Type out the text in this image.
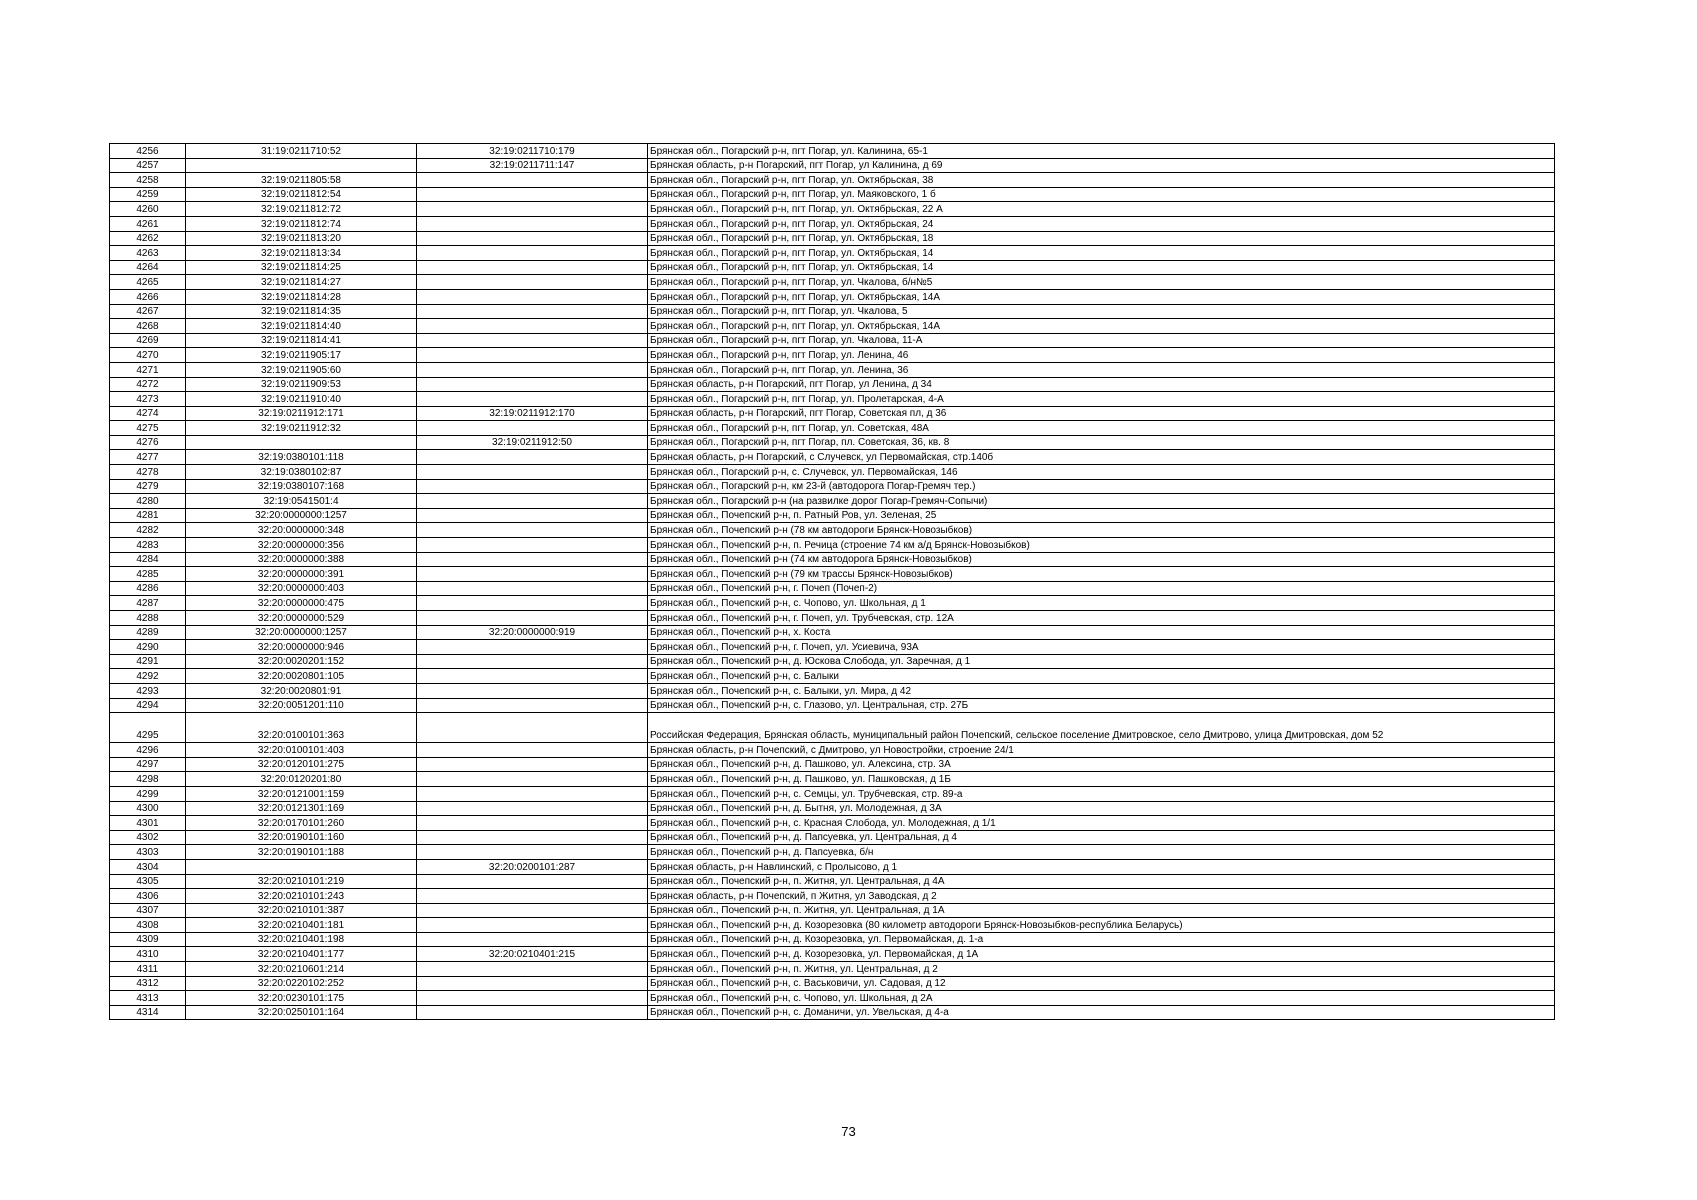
4256	31:19:0211710:52	32:19:0211710:179	Брянская обл., Погарский р-н, пгт Погар, ул. Калинина, 65-1
4257		32:19:0211711:147	Брянская область, р-н Погарский, пгт Погар, ул Калинина, д 69
4258	32:19:0211805:58		Брянская обл., Погарский р-н, пгт Погар, ул. Октябрьская, 38
4259	32:19:0211812:54		Брянская обл., Погарский р-н, пгт Погар, ул. Маяковского, 1 б
4260	32:19:0211812:72		Брянская обл., Погарский р-н, пгт Погар, ул. Октябрьская, 22 А
4261	32:19:0211812:74		Брянская обл., Погарский р-н, пгт Погар, ул. Октябрьская, 24
4262	32:19:0211813:20		Брянская обл., Погарский р-н, пгт Погар, ул. Октябрьская, 18
4263	32:19:0211813:34		Брянская обл., Погарский р-н, пгт Погар, ул. Октябрьская, 14
4264	32:19:0211814:25		Брянская обл., Погарский р-н, пгт Погар, ул. Октябрьская, 14
4265	32:19:0211814:27		Брянская обл., Погарский р-н, пгт Погар, ул. Чкалова, б/н№5
4266	32:19:0211814:28		Брянская обл., Погарский р-н, пгт Погар, ул. Октябрьская, 14А
4267	32:19:0211814:35		Брянская обл., Погарский р-н, пгт Погар, ул. Чкалова, 5
4268	32:19:0211814:40		Брянская обл., Погарский р-н, пгт Погар, ул. Октябрьская, 14А
4269	32:19:0211814:41		Брянская обл., Погарский р-н, пгт Погар, ул. Чкалова, 11-А
4270	32:19:0211905:17		Брянская обл., Погарский р-н, пгт Погар, ул. Ленина, 46
4271	32:19:0211905:60		Брянская обл., Погарский р-н, пгт Погар, ул. Ленина, 36
4272	32:19:0211909:53		Брянская область, р-н Погарский, пгт Погар, ул Ленина, д 34
4273	32:19:0211910:40		Брянская обл., Погарский р-н, пгт Погар, ул. Пролетарская, 4-А
4274	32:19:0211912:171	32:19:0211912:170	Брянская область, р-н Погарский, пгт Погар, Советская пл, д 36
4275	32:19:0211912:32		Брянская обл., Погарский р-н, пгт Погар, ул. Советская, 48А
4276		32:19:0211912:50	Брянская обл., Погарский р-н, пгт Погар, пл. Советская, 36, кв. 8
4277	32:19:0380101:118		Брянская область, р-н Погарский, с Случевск, ул Первомайская, стр.140б
4278	32:19:0380102:87		Брянская обл., Погарский р-н, с. Случевск, ул. Первомайская, 146
4279	32:19:0380107:168		Брянская обл., Погарский р-н, км 23-й (автодорога Погар-Гремяч тер.)
4280	32:19:0541501:4		Брянская обл., Погарский р-н (на развилке дорог Погар-Гремяч-Сопычи)
4281	32:20:0000000:1257		Брянская обл., Почепский р-н, п. Ратный Ров, ул. Зеленая, 25
4282	32:20:0000000:348		Брянская обл., Почепский р-н (78 км автодороги Брянск-Новозыбков)
4283	32:20:0000000:356		Брянская обл., Почепский р-н, п. Речица (строение 74 км а/д Брянск-Новозыбков)
4284	32:20:0000000:388		Брянская обл., Почепский р-н (74 км автодорога Брянск-Новозыбков)
4285	32:20:0000000:391		Брянская обл., Почепский р-н (79 км трассы Брянск-Новозыбков)
4286	32:20:0000000:403		Брянская обл., Почепский р-н, г. Почеп (Почеп-2)
4287	32:20:0000000:475		Брянская обл., Почепский р-н, с. Чопово, ул. Школьная, д 1
4288	32:20:0000000:529		Брянская обл., Почепский р-н, г. Почеп, ул. Трубчевская, стр. 12А
4289	32:20:0000000:1257	32:20:0000000:919	Брянская обл., Почепский р-н, х. Коста
4290	32:20:0000000:946		Брянская обл., Почепский р-н, г. Почеп, ул. Усиевича, 93А
4291	32:20:0020201:152		Брянская обл., Почепский р-н, д. Юскова Слобода, ул. Заречная, д 1
4292	32:20:0020801:105		Брянская обл., Почепский р-н, с. Балыки
4293	32:20:0020801:91		Брянская обл., Почепский р-н, с. Балыки, ул. Мира, д 42
4294	32:20:0051201:110		Брянская обл., Почепский р-н, с. Глазово, ул. Центральная, стр. 27Б
4295	32:20:0100101:363		Российская Федерация, Брянская область, муниципальный район Почепский, сельское поселение Дмитровское, село Дмитрово, улица Дмитровская, дом 52
4296	32:20:0100101:403		Брянская область, р-н Почепский, с Дмитрово, ул Новостройки, строение 24/1
4297	32:20:0120101:275		Брянская обл., Почепский р-н, д. Пашково, ул. Алексина, стр. 3А
4298	32:20:0120201:80		Брянская обл., Почепский р-н, д. Пашково, ул. Пашковская, д 1Б
4299	32:20:0121001:159		Брянская обл., Почепский р-н, с. Семцы, ул. Трубчевская, стр. 89-а
4300	32:20:0121301:169		Брянская обл., Почепский р-н, д. Бытня, ул. Молодежная, д 3А
4301	32:20:0170101:260		Брянская обл., Почепский р-н, с. Красная Слобода, ул. Молодежная, д 1/1
4302	32:20:0190101:160		Брянская обл., Почепский р-н, д. Папсуевка, ул. Центральная, д 4
4303	32:20:0190101:188		Брянская обл., Почепский р-н, д. Папсуевка, б/н
4304		32:20:0200101:287	Брянская область, р-н Навлинский, с Пролысово, д 1
4305	32:20:0210101:219		Брянская обл., Почепский р-н, п. Житня, ул. Центральная, д 4А
4306	32:20:0210101:243		Брянская область, р-н Почепский, п Житня, ул Заводская, д 2
4307	32:20:0210101:387		Брянская обл., Почепский р-н, п. Житня, ул. Центральная, д 1А
4308	32:20:0210401:181		Брянская обл., Почепский р-н, д. Козорезовка (80 километр автодороги Брянск-Новозыбков-республика Беларусь)
4309	32:20:0210401:198		Брянская обл., Почепский р-н, д. Козорезовка, ул. Первомайская, д. 1-а
4310	32:20:0210401:177	32:20:0210401:215	Брянская обл., Почепский р-н, д. Козорезовка, ул. Первомайская, д 1А
4311	32:20:0210601:214		Брянская обл., Почепский р-н, п. Житня, ул. Центральная, д 2
4312	32:20:0220102:252		Брянская обл., Почепский р-н, с. Васьковичи, ул. Садовая, д 12
4313	32:20:0230101:175		Брянская обл., Почепский р-н, с. Чопово, ул. Школьная, д 2А
4314	32:20:0250101:164		Брянская обл., Почепский р-н, с. Доманичи, ул. Увельская, д 4-а
73
